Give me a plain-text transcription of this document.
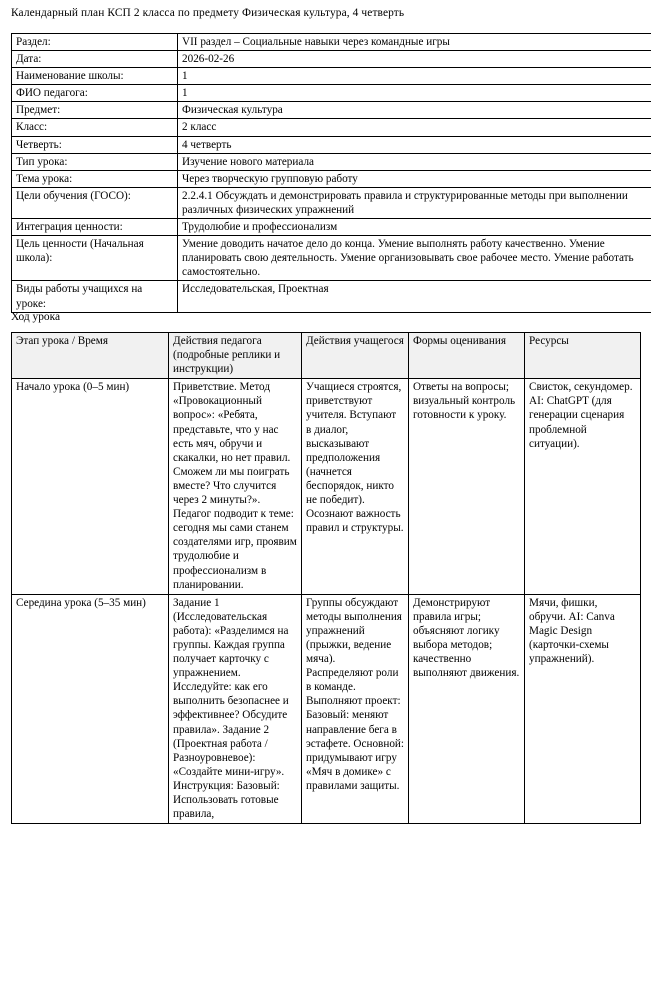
Календарный план КСП 2 класса по предмету Физическая культура, 4 четверть
Раздел:	VII раздел – Социальные навыки через командные игры
Дата:	2026-02-26
Наименование школы:	1
ФИО педагога:	1
Предмет:	Физическая культура
Класс:	2 класс
Четверть:	4 четверть
Тип урока:	Изучение нового материала
Тема урока:	Через творческую групповую работу
Цели обучения (ГОСО):	2.2.4.1 Обсуждать и демонстрировать правила и структурированные методы при выполнении различных физических упражнений
Интеграция ценности:	Трудолюбие и профессионализм
Цель ценности (Начальная школа):	Умение доводить начатое дело до конца. Умение выполнять работу качественно. Умение планировать свою деятельность. Умение организовывать свое рабочее место. Умение работать самостоятельно.
Виды работы учащихся на уроке:	Исследовательская, Проектная
Ход урока
Этап урока / Время	Действия педагога (подробные реплики и инструкции)	Действия учащегося	Формы оценивания	Ресурсы
Начало урока (0–5 мин)	Приветствие. Метод «Провокационный вопрос»: «Ребята, представьте, что у нас есть мяч, обручи и скакалки, но нет правил. Сможем ли мы поиграть вместе? Что случится через 2 минуты?». Педагог подводит к теме: сегодня мы сами станем создателями игр, проявим трудолюбие и профессионализм в планировании.	Учащиеся строятся, приветствуют учителя. Вступают в диалог, высказывают предположения (начнется беспорядок, никто не победит). Осознают важность правил и структуры.	Ответы на вопросы; визуальный контроль готовности к уроку.	Свисток, секундомер. AI: ChatGPT (для генерации сценария проблемной ситуации).
Середина урока (5–35 мин)	Задание 1 (Исследовательская работа): «Разделимся на группы. Каждая группа получает карточку с упражнением. Исследуйте: как его выполнить безопаснее и эффективнее? Обсудите правила». Задание 2 (Проектная работа / Разноуровневое): «Создайте мини-игру». Инструкция: Базовый: Использовать готовые правила,	Группы обсуждают методы выполнения упражнений (прыжки, ведение мяча). Распределяют роли в команде. Выполняют проект: Базовый: меняют направление бега в эстафете. Основной: придумывают игру «Мяч в домике» с правилами защиты.	Демонстрируют правила игры; объясняют логику выбора методов; качественно выполняют движения.	Мячи, фишки, обручи. AI: Canva Magic Design (карточки-схемы упражнений).
